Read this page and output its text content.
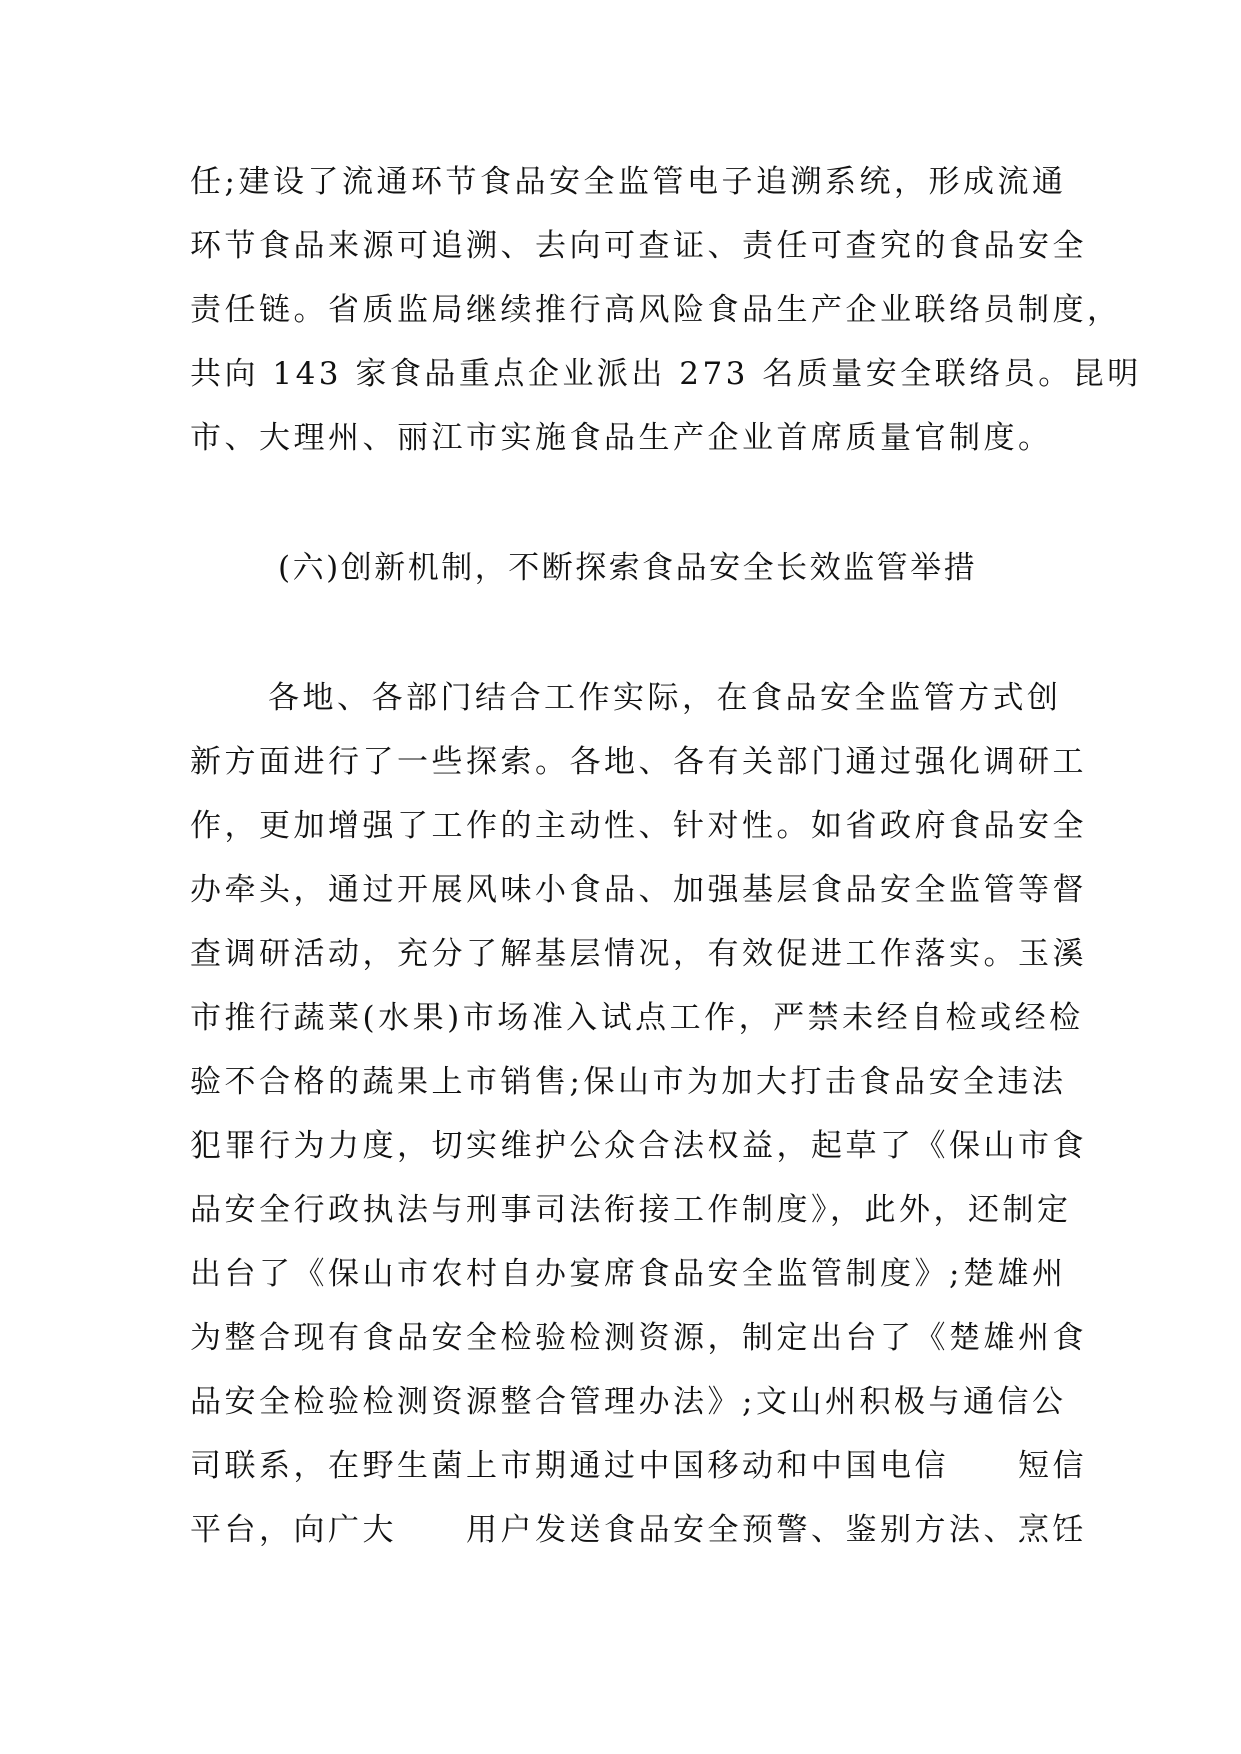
任;建设了流通环节食品安全监管电子追溯系统，形成流通
环节食品来源可追溯、去向可查证、责任可查究的食品安全
责任链。省质监局继续推行高风险食品生产企业联络员制度，
共向 143 家食品重点企业派出 273 名质量安全联络员。昆明
市、大理州、丽江市实施食品生产企业首席质量官制度。
(六)创新机制，不断探索食品安全长效监管举措
各地、各部门结合工作实际，在食品安全监管方式创
新方面进行了一些探索。各地、各有关部门通过强化调研工
作，更加增强了工作的主动性、针对性。如省政府食品安全
办牵头，通过开展风味小食品、加强基层食品安全监管等督
查调研活动，充分了解基层情况，有效促进工作落实。玉溪
市推行蔬菜(水果)市场准入试点工作，严禁未经自检或经检
验不合格的蔬果上市销售;保山市为加大打击食品安全违法
犯罪行为力度，切实维护公众合法权益，起草了《保山市食
品安全行政执法与刑事司法衔接工作制度》，此外，还制定
出台了《保山市农村自办宴席食品安全监管制度》;楚雄州
为整合现有食品安全检验检测资源，制定出台了《楚雄州食
品安全检验检测资源整合管理办法》;文山州积极与通信公
司联系，在野生菌上市期通过中国移动和中国电信　　短信
平台，向广大　　用户发送食品安全预警、鉴别方法、烹饪
